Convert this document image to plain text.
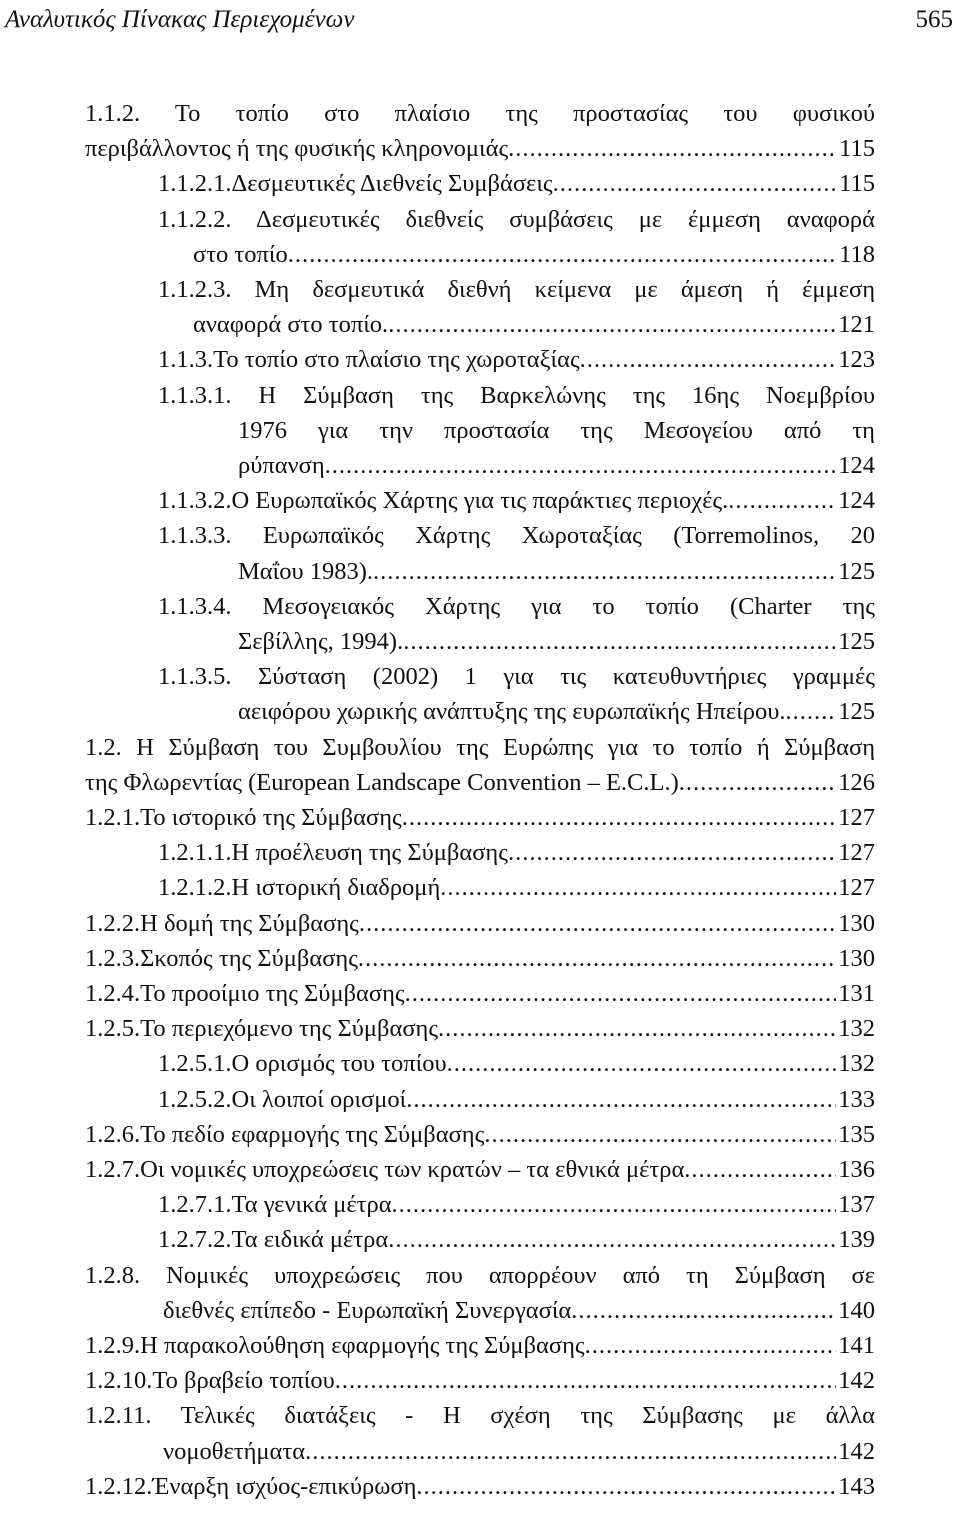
Αναλυτικός Πίνακας Περιεχομένων	565
1.1.2. Το τοπίο στο πλαίσιο της προστασίας του φυσικού
περιβάλλοντος ή της φυσικής κληρονομιάς .....	115
1.1.2.1. Δεσμευτικές Διεθνείς Συμβάσεις .....	115
1.1.2.2. Δεσμευτικές διεθνείς συμβάσεις με έμμεση αναφορά
στο τοπίο .....	118
1.1.2.3. Μη δεσμευτικά διεθνή κείμενα με άμεση ή έμμεση
αναφορά στο τοπίο. .....	121
1.1.3. Το τοπίο στο πλαίσιο της χωροταξίας .....	123
1.1.3.1. Η Σύμβαση της Βαρκελώνης της 16ης Νοεμβρίου
1976 για την προστασία της Μεσογείου από τη
ρύπανση .....	124
1.1.3.2. Ο Ευρωπαϊκός Χάρτης για τις παράκτιες περιοχές. .....	124
1.1.3.3. Ευρωπαϊκός Χάρτης Χωροταξίας (Torremolinos, 20
Μαΐου 1983). .....	125
1.1.3.4. Μεσογειακός Χάρτης για το τοπίο (Charter της
Σεβίλλης, 1994). .....	125
1.1.3.5. Σύσταση (2002) 1 για τις κατευθυντήριες γραμμές
αειφόρου χωρικής ανάπτυξης της ευρωπαϊκής Ηπείρου. ..... 125
1.2. Η Σύμβαση του Συμβουλίου της Ευρώπης για το τοπίο ή Σύμβαση
της Φλωρεντίας (European Landscape Convention – E.C.L.) .....	126
1.2.1. Το ιστορικό της Σύμβασης .....	127
1.2.1.1. Η προέλευση της Σύμβασης .....	127
1.2.1.2. Η ιστορική διαδρομή .....	127
1.2.2. Η δομή της Σύμβασης .....	130
1.2.3. Σκοπός της Σύμβασης .....	130
1.2.4. Το προοίμιο της Σύμβασης .....	131
1.2.5. Το περιεχόμενο της Σύμβασης .....	132
1.2.5.1. Ο ορισμός του τοπίου .....	132
1.2.5.2. Οι λοιποί ορισμοί .....	133
1.2.6. Το πεδίο εφαρμογής της Σύμβασης .....	135
1.2.7. Οι νομικές υποχρεώσεις των κρατών – τα εθνικά μέτρα .....	136
1.2.7.1. Τα γενικά μέτρα .....	137
1.2.7.2. Τα ειδικά μέτρα .....	139
1.2.8. Νομικές υποχρεώσεις που απορρέουν από τη Σύμβαση σε
διεθνές επίπεδο - Ευρωπαϊκή Συνεργασία .....	140
1.2.9. Η παρακολούθηση εφαρμογής της Σύμβασης .....	141
1.2.10. Το βραβείο τοπίου .....	142
1.2.11. Τελικές διατάξεις - Η σχέση της Σύμβασης με άλλα
νομοθετήματα .....	142
1.2.12. Έναρξη ισχύος-επικύρωση .....	143
